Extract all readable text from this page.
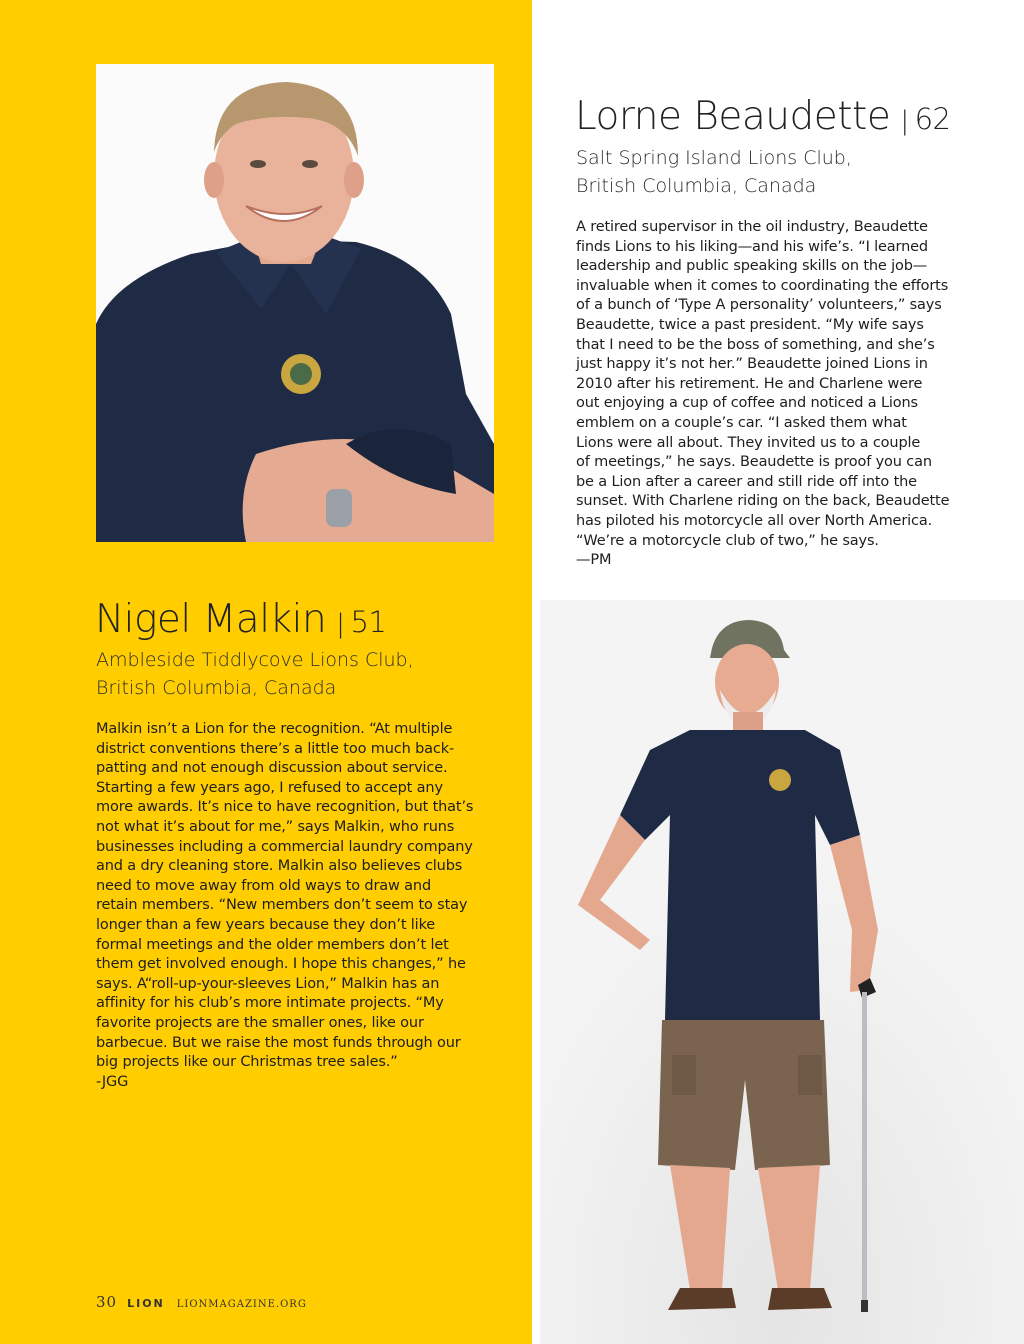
Lorne Beaudette | 62
Salt Spring Island Lions Club,
British Columbia, Canada
A retired supervisor in the oil industry, Beaudette
finds Lions to his liking—and his wife’s. “I learned
leadership and public speaking skills on the job—
invaluable when it comes to coordinating the efforts
of a bunch of ‘Type A personality’ volunteers,” says
Beaudette, twice a past president. “My wife says
that I need to be the boss of something, and she’s
just happy it’s not her.” Beaudette joined Lions in
2010 after his retirement. He and Charlene were
out enjoying a cup of coffee and noticed a Lions
emblem on a couple’s car. “I asked them what
Lions were all about. They invited us to a couple
of meetings,” he says. Beaudette is proof you can
be a Lion after a career and still ride off into the
sunset. With Charlene riding on the back, Beaudette
has piloted his motorcycle all over North America.
“We’re a motorcycle club of two,” he says.
—PM
Nigel Malkin | 51
Ambleside Tiddlycove Lions Club,
British Columbia, Canada
Malkin isn’t a Lion for the recognition. “At multiple
district conventions there’s a little too much back-
patting and not enough discussion about service.
Starting a few years ago, I refused to accept any
more awards. It’s nice to have recognition, but that’s
not what it’s about for me,” says Malkin, who runs
businesses including a commercial laundry company
and a dry cleaning store. Malkin also believes clubs
need to move away from old ways to draw and
retain members. “New members don’t seem to stay
longer than a few years because they don’t like
formal meetings and the older members don’t let
them get involved enough. I hope this changes,” he
says. A“roll-up-your-sleeves Lion,” Malkin has an
affinity for his club’s more intimate projects. “My
favorite projects are the smaller ones, like our
barbecue. But we raise the most funds through our
big projects like our Christmas tree sales.”
-JGG
30 LION LIONMAGAZINE.ORG
